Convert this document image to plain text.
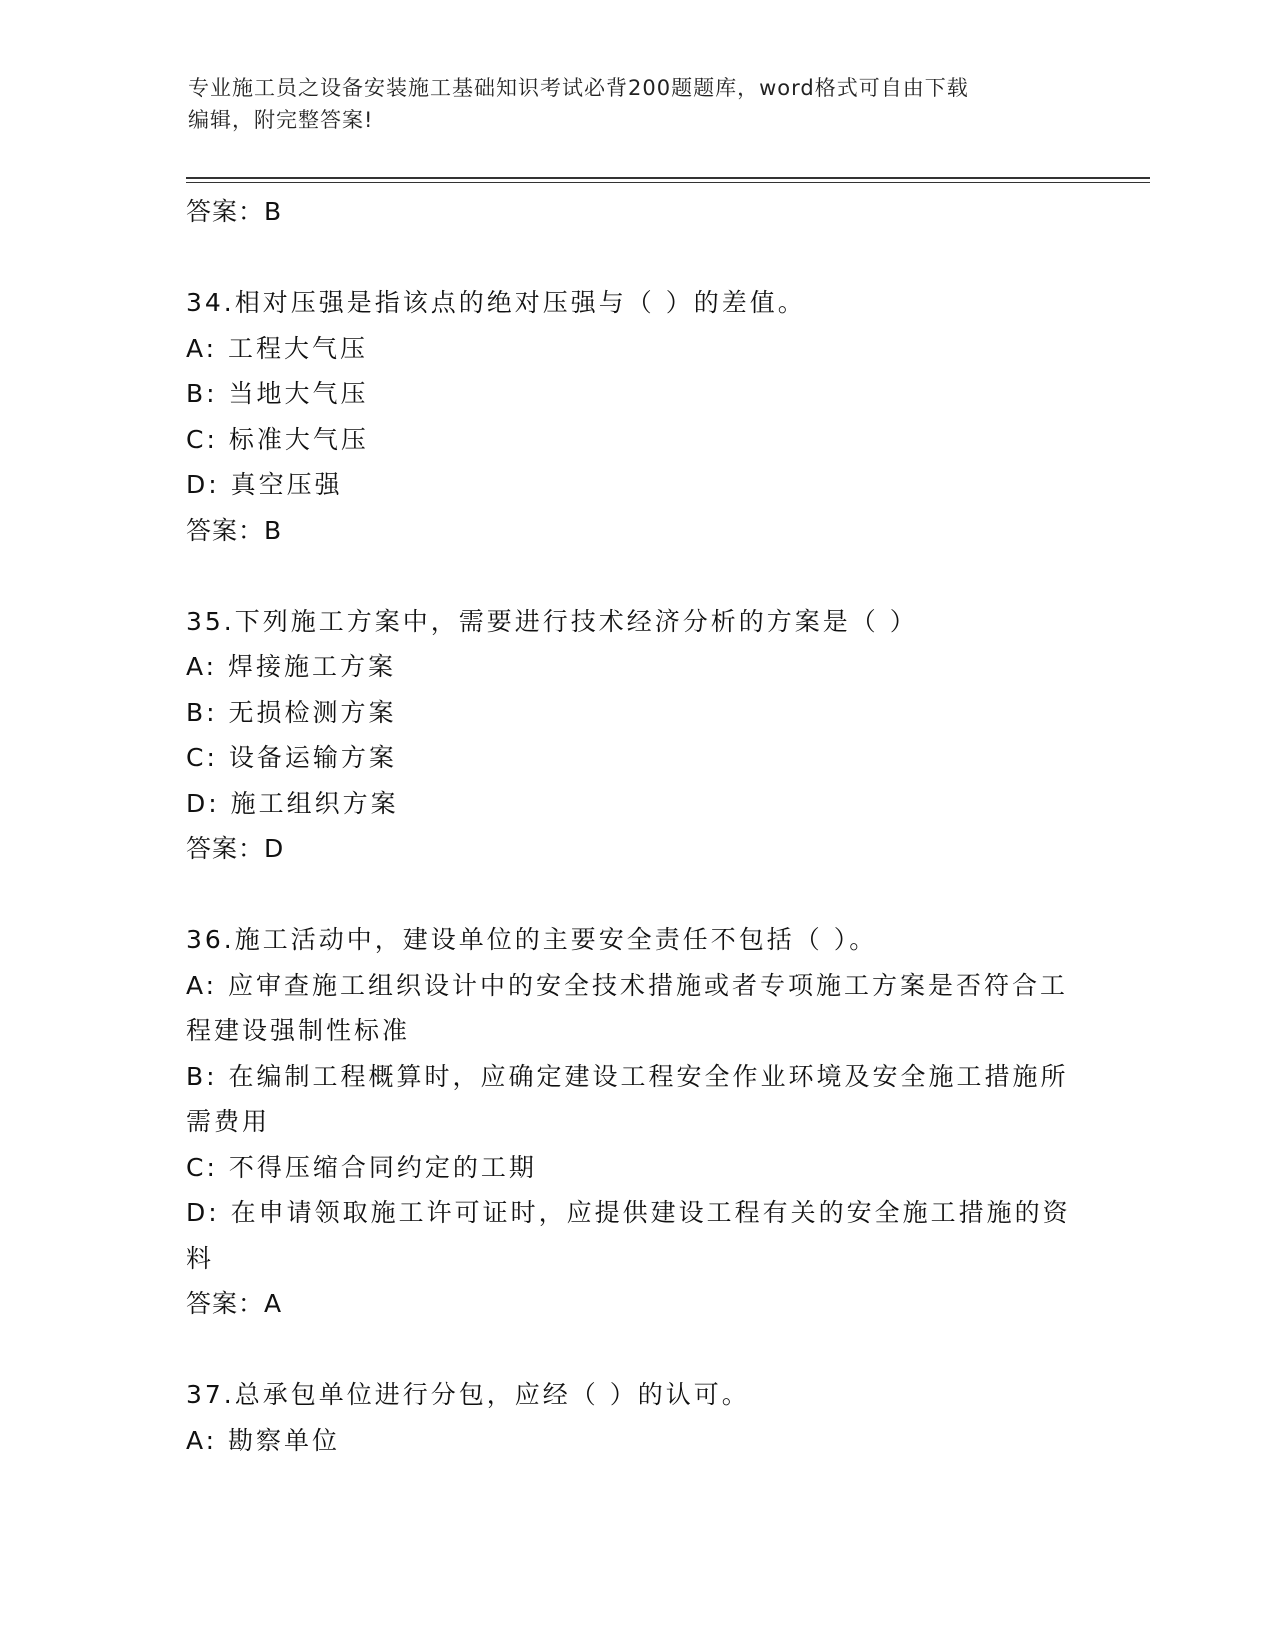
专业施工员之设备安装施工基础知识考试必背200题题库，word格式可自由下载
编辑，附完整答案!

答案：B

34.相对压强是指该点的绝对压强与（ ）的差值。

A: 工程大气压

B: 当地大气压

C: 标准大气压

D: 真空压强

答案：B

35.下列施工方案中，需要进行技术经济分析的方案是（ ）

A: 焊接施工方案

B: 无损检测方案

C: 设备运输方案

D: 施工组织方案

答案：D

36.施工活动中，建设单位的主要安全责任不包括（ ）。

A: 应审查施工组织设计中的安全技术措施或者专项施工方案是否符合工程建设强制性标准

B: 在编制工程概算时，应确定建设工程安全作业环境及安全施工措施所需费用

C: 不得压缩合同约定的工期

D: 在申请领取施工许可证时，应提供建设工程有关的安全施工措施的资料

答案：A

37.总承包单位进行分包，应经（ ）的认可。

A: 勘察单位
